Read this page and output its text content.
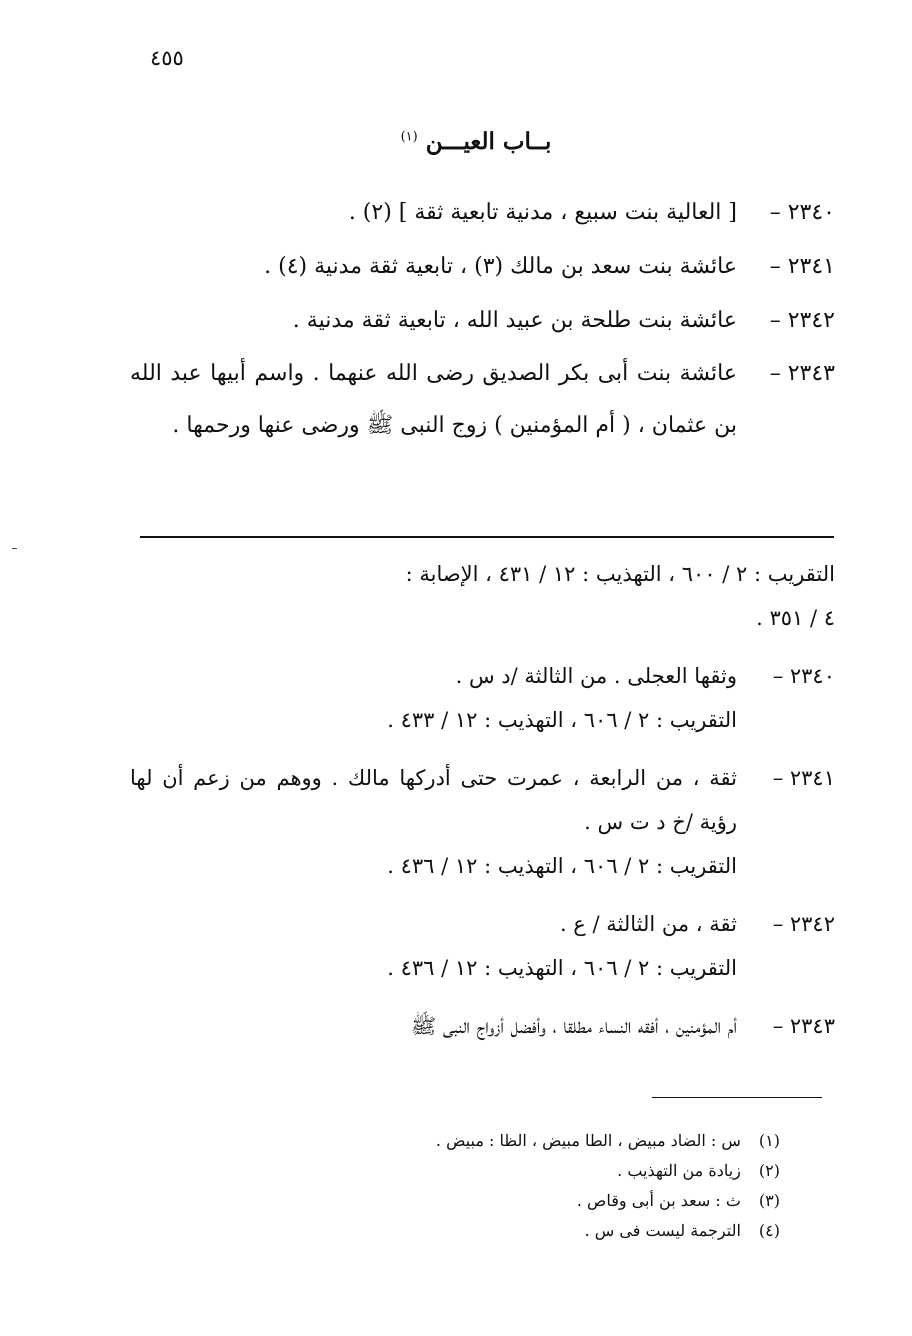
٤٥٥
بــاب العيـــن $^{(١)}$
٢٣٤٠ –
[ العالية بنت سبيع ، مدنية تابعية ثقة ] (٢) .
٢٣٤١ –
عائشة بنت سعد بن مالك (٣) ، تابعية ثقة مدنية (٤) .
٢٣٤٢ –
عائشة بنت طلحة بن عبيد الله ، تابعية ثقة مدنية .
٢٣٤٣ –
عائشة بنت أبى بكر الصديق رضى الله عنهما . واسم أبيها عبد الله بن عثمان ، ( أم المؤمنين ) زوج النبى ﷺ ورضى عنها ورحمها .
التقريب : ٢ / ٦٠٠ ، التهذيب : ١٢ / ٤٣١ ، الإصابة :
٤ / ٣٥١ .
٢٣٤٠ –
وثقها العجلى . من الثالثة /د س .
التقريب : ٢ / ٦٠٦ ، التهذيب : ١٢ / ٤٣٣ .
٢٣٤١ –
ثقة ، من الرابعة ، عمرت حتى أدركها مالك . ووهم من زعم أن لها رؤية /خ د ت س .
التقريب : ٢ / ٦٠٦ ، التهذيب : ١٢ / ٤٣٦ .
٢٣٤٢ –
ثقة ، من الثالثة / ع .
التقريب : ٢ / ٦٠٦ ، التهذيب : ١٢ / ٤٣٦ .
٢٣٤٣ –
أم المؤمنين ، أفقه النساء مطلقا ، وأفضل أزواج النبى ﷺ
(١) س : الضاد مبيض ، الطا مبيض ، الظا : مبيض .
(٢) زيادة من التهذيب .
(٣) ث : سعد بن أبى وقاص .
(٤) الترجمة ليست فى س .
